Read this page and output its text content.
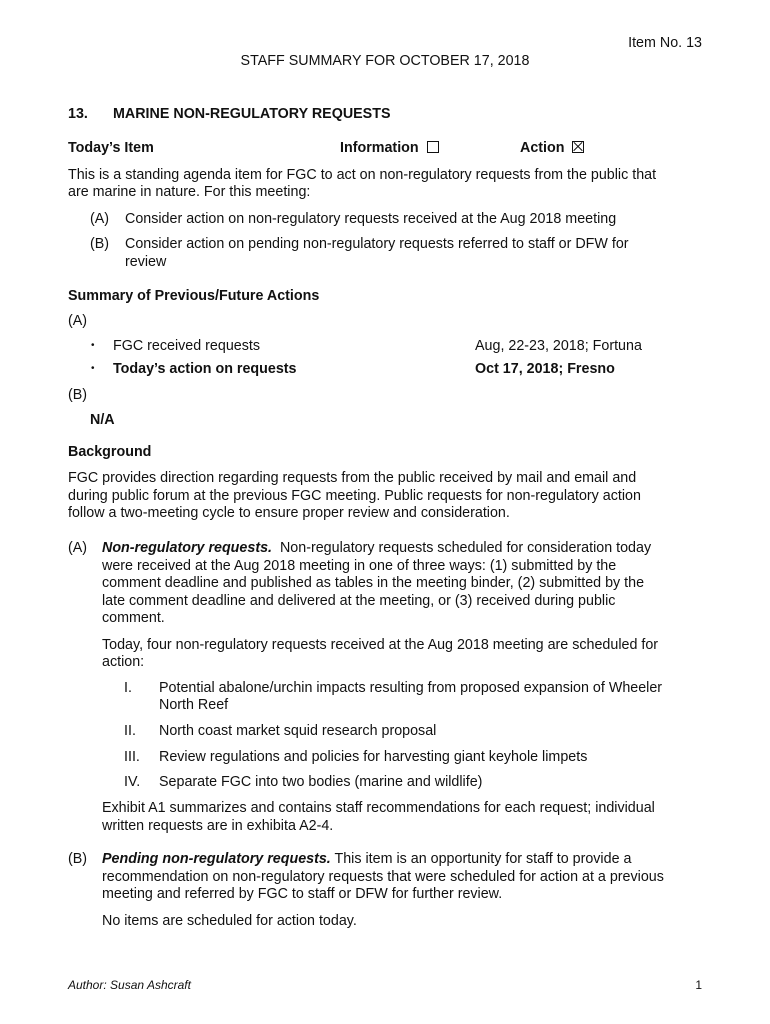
Item No. 13
STAFF SUMMARY FOR OCTOBER 17, 2018
13. MARINE NON-REGULATORY REQUESTS
Today’s Item	Information	Action
This is a standing agenda item for FGC to act on non-regulatory requests from the public that
are marine in nature. For this meeting:
(A) Consider action on non-regulatory requests received at the Aug 2018 meeting
(B) Consider action on pending non-regulatory requests referred to staff or DFW for
review
Summary of Previous/Future Actions
(A)
• FGC received requests	Aug, 22-23, 2018; Fortuna
• Today’s action on requests	Oct 17, 2018; Fresno
(B)
N/A
Background
FGC provides direction regarding requests from the public received by mail and email and
during public forum at the previous FGC meeting. Public requests for non-regulatory action
follow a two-meeting cycle to ensure proper review and consideration.
(A) Non-regulatory requests. Non-regulatory requests scheduled for consideration today
were received at the Aug 2018 meeting in one of three ways: (1) submitted by the
comment deadline and published as tables in the meeting binder, (2) submitted by the
late comment deadline and delivered at the meeting, or (3) received during public
comment.
Today, four non-regulatory requests received at the Aug 2018 meeting are scheduled for
action:
I. Potential abalone/urchin impacts resulting from proposed expansion of Wheeler
North Reef
II. North coast market squid research proposal
III. Review regulations and policies for harvesting giant keyhole limpets
IV. Separate FGC into two bodies (marine and wildlife)
Exhibit A1 summarizes and contains staff recommendations for each request; individual
written requests are in exhibita A2-4.
(B) Pending non-regulatory requests. This item is an opportunity for staff to provide a
recommendation on non-regulatory requests that were scheduled for action at a previous
meeting and referred by FGC to staff or DFW for further review.
No items are scheduled for action today.
Author: Susan Ashcraft	1
